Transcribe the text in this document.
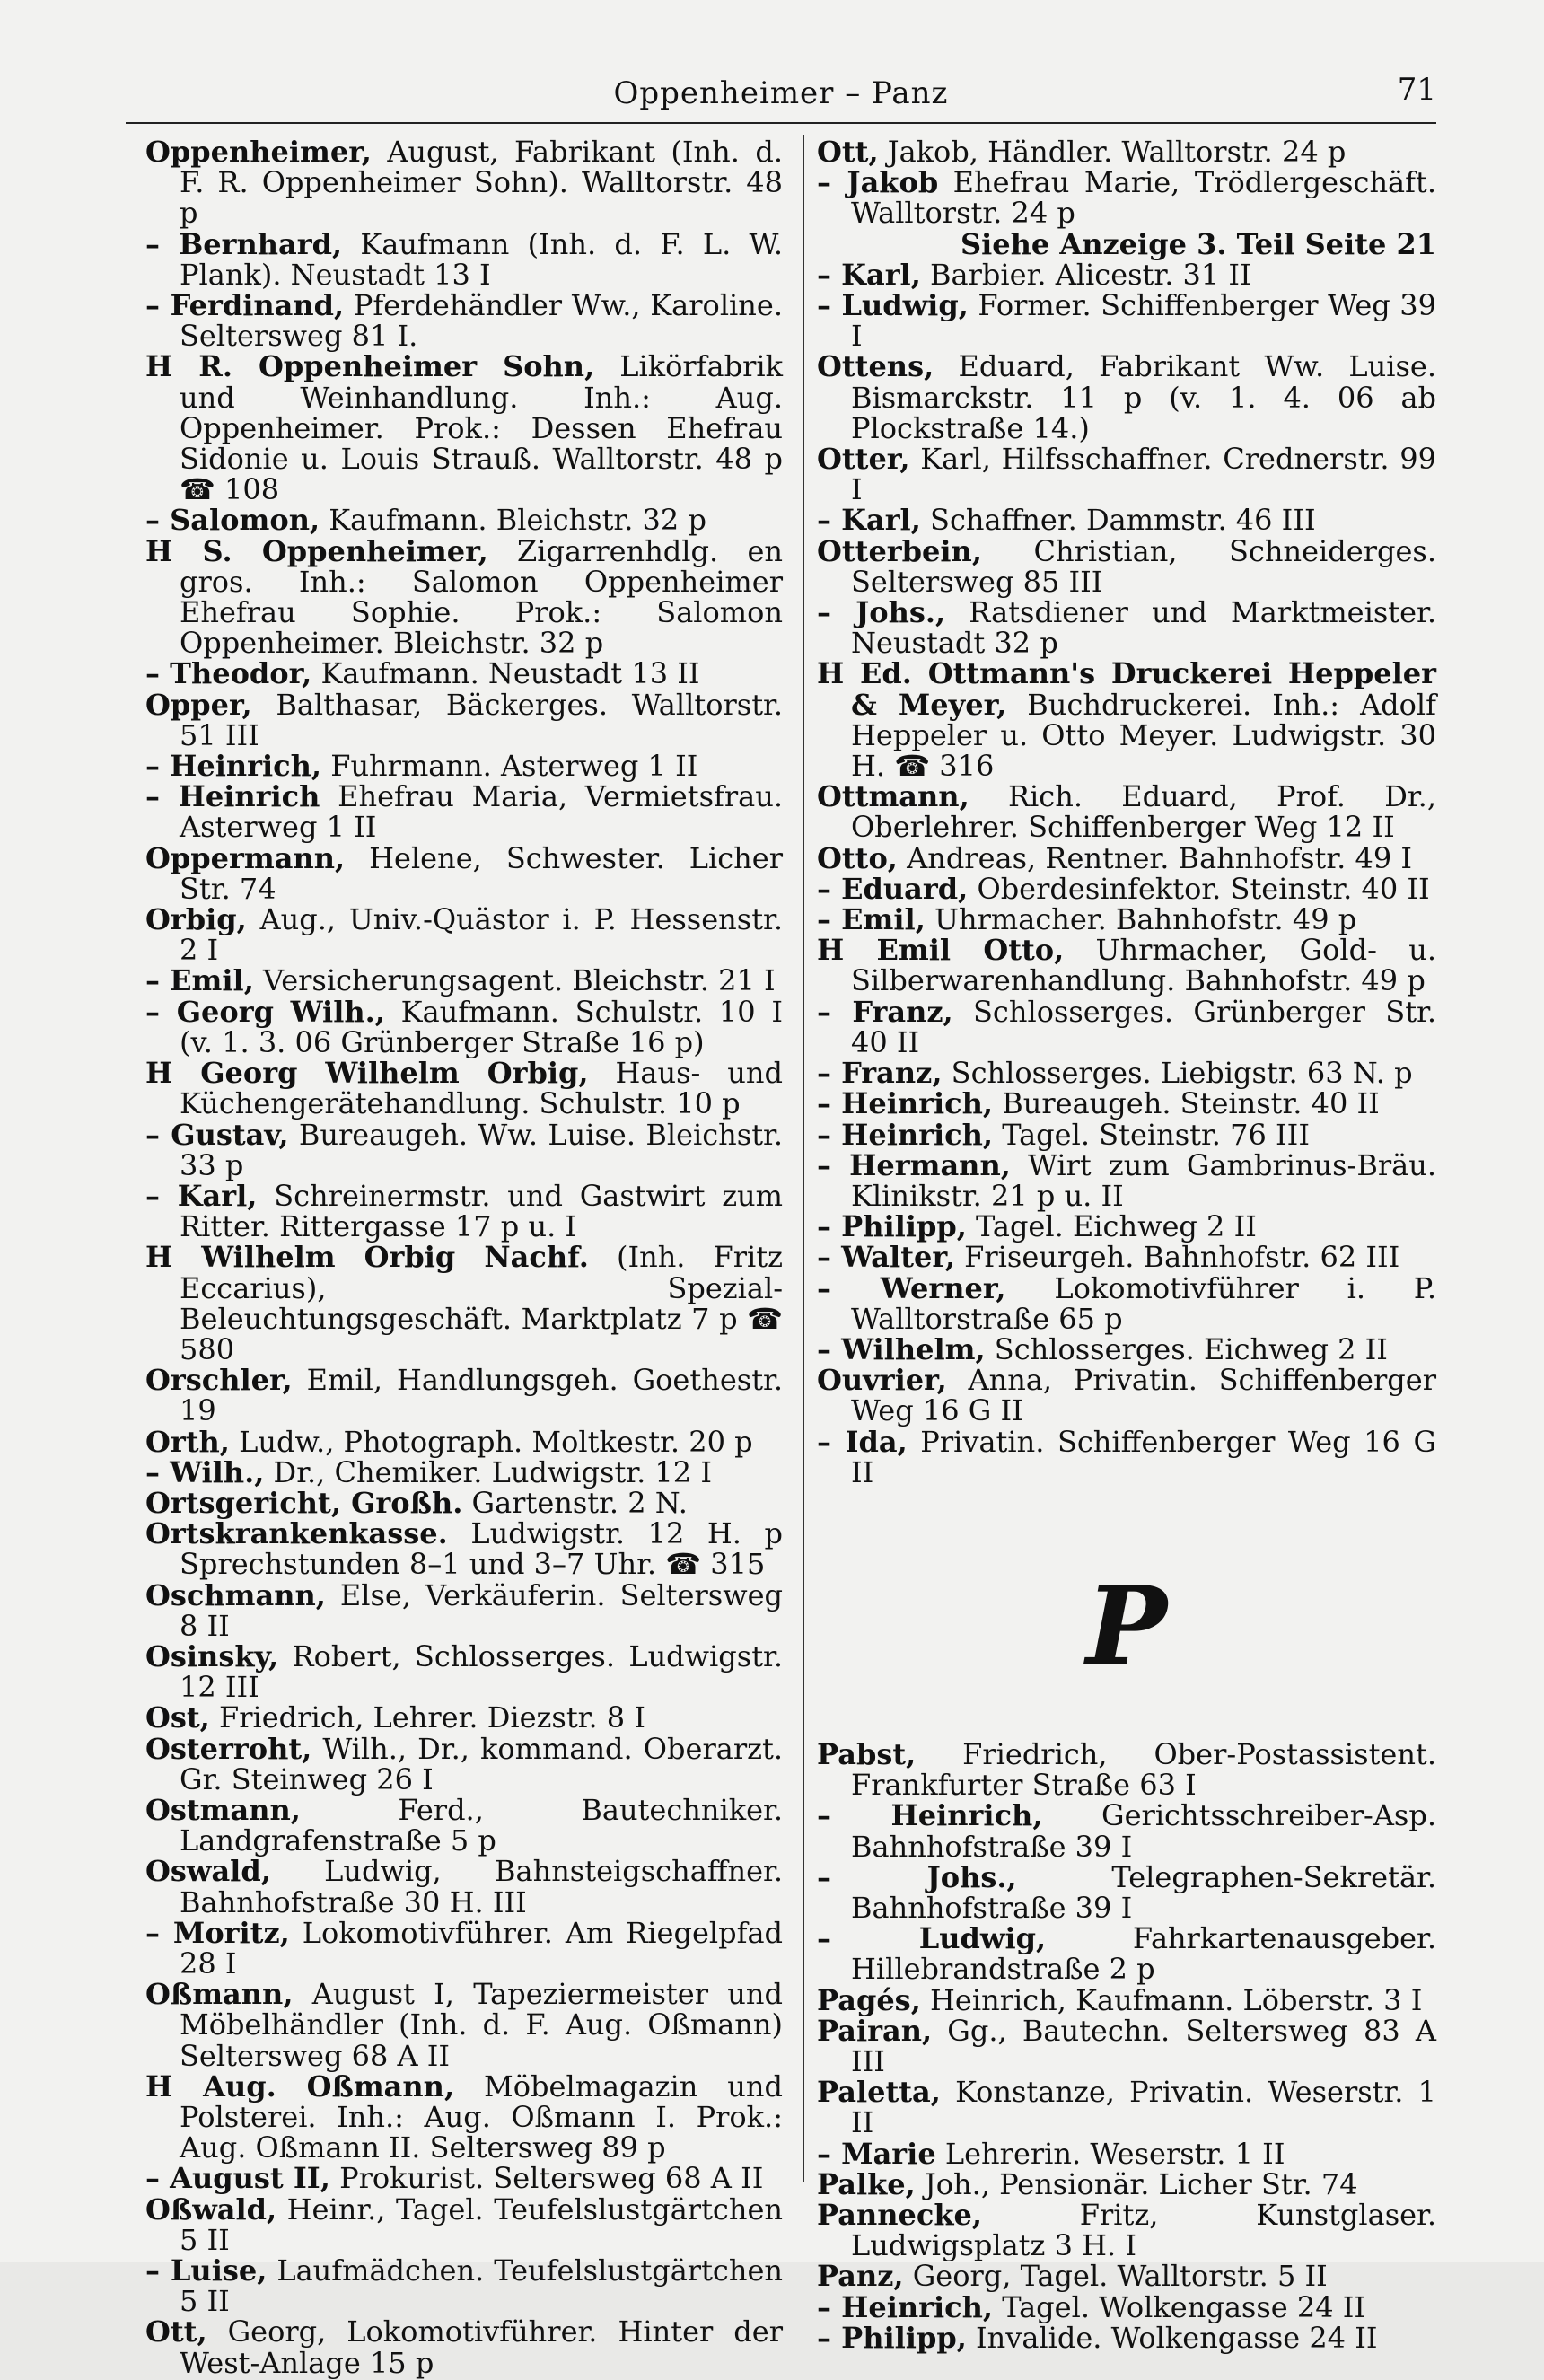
Oppenheimer – Panz	71

Oppenheimer, August, Fabrikant (Inh. d. F. R. Oppenheimer Sohn). Walltorstr. 48 p

– Bernhard, Kaufmann (Inh. d. F. L. W. Plank). Neustadt 13 I

– Ferdinand, Pferdehändler Ww., Karoline. Seltersweg 81 I.

H R. Oppenheimer Sohn, Likörfabrik und Weinhandlung. Inh.: Aug. Oppenheimer. Prok.: Dessen Ehefrau Sidonie u. Louis Strauß. Walltorstr. 48 p ☎ 108

– Salomon, Kaufmann. Bleichstr. 32 p

H S. Oppenheimer, Zigarrenhdlg. en gros. Inh.: Salomon Oppenheimer Ehefrau Sophie. Prok.: Salomon Oppenheimer. Bleichstr. 32 p

– Theodor, Kaufmann. Neustadt 13 II

Opper, Balthasar, Bäckerges. Walltorstr. 51 III

– Heinrich, Fuhrmann. Asterweg 1 II

– Heinrich Ehefrau Maria, Vermietsfrau. Asterweg 1 II

Oppermann, Helene, Schwester. Licher Str. 74

Orbig, Aug., Univ.-Quästor i. P. Hessenstr. 2 I

– Emil, Versicherungsagent. Bleichstr. 21 I

– Georg Wilh., Kaufmann. Schulstr. 10 I (v. 1. 3. 06 Grünberger Straße 16 p)

H Georg Wilhelm Orbig, Haus- und Küchengerätehandlung. Schulstr. 10 p

– Gustav, Bureaugeh. Ww. Luise. Bleichstr. 33 p

– Karl, Schreinermstr. und Gastwirt zum Ritter. Rittergasse 17 p u. I

H Wilhelm Orbig Nachf. (Inh. Fritz Eccarius), Spezial-Beleuchtungsgeschäft. Marktplatz 7 p ☎ 580

Orschler, Emil, Handlungsgeh. Goethestr. 19

Orth, Ludw., Photograph. Moltkestr. 20 p

– Wilh., Dr., Chemiker. Ludwigstr. 12 I

Ortsgericht, Großh. Gartenstr. 2 N.

Ortskrankenkasse. Ludwigstr. 12 H. p Sprechstunden 8–1 und 3–7 Uhr. ☎ 315

Oschmann, Else, Verkäuferin. Seltersweg 8 II

Osinsky, Robert, Schlosserges. Ludwigstr. 12 III

Ost, Friedrich, Lehrer. Diezstr. 8 I

Osterroht, Wilh., Dr., kommand. Oberarzt. Gr. Steinweg 26 I

Ostmann, Ferd., Bautechniker. Landgrafenstraße 5 p

Oswald, Ludwig, Bahnsteigschaffner. Bahnhofstraße 30 H. III

– Moritz, Lokomotivführer. Am Riegelpfad 28 I

Oßmann, August I, Tapeziermeister und Möbelhändler (Inh. d. F. Aug. Oßmann) Seltersweg 68 A II

H Aug. Oßmann, Möbelmagazin und Polsterei. Inh.: Aug. Oßmann I. Prok.: Aug. Oßmann II. Seltersweg 89 p

– August II, Prokurist. Seltersweg 68 A II

Oßwald, Heinr., Tagel. Teufelslustgärtchen 5 II

– Luise, Laufmädchen. Teufelslustgärtchen 5 II

Ott, Georg, Lokomotivführer. Hinter der West-Anlage 15 p

Ott, Jakob, Händler. Walltorstr. 24 p

– Jakob Ehefrau Marie, Trödlergeschäft. Walltorstr. 24 p

Siehe Anzeige 3. Teil Seite 21

– Karl, Barbier. Alicestr. 31 II

– Ludwig, Former. Schiffenberger Weg 39 I

Ottens, Eduard, Fabrikant Ww. Luise. Bismarckstr. 11 p (v. 1. 4. 06 ab Plockstraße 14.)

Otter, Karl, Hilfsschaffner. Crednerstr. 99 I

– Karl, Schaffner. Dammstr. 46 III

Otterbein, Christian, Schneiderges. Seltersweg 85 III

– Johs., Ratsdiener und Marktmeister. Neustadt 32 p

H Ed. Ottmann's Druckerei Heppeler & Meyer, Buchdruckerei. Inh.: Adolf Heppeler u. Otto Meyer. Ludwigstr. 30 H. ☎ 316

Ottmann, Rich. Eduard, Prof. Dr., Oberlehrer. Schiffenberger Weg 12 II

Otto, Andreas, Rentner. Bahnhofstr. 49 I

– Eduard, Oberdesinfektor. Steinstr. 40 II

– Emil, Uhrmacher. Bahnhofstr. 49 p

H Emil Otto, Uhrmacher, Gold- u. Silberwarenhandlung. Bahnhofstr. 49 p

– Franz, Schlosserges. Grünberger Str. 40 II

– Franz, Schlosserges. Liebigstr. 63 N. p

– Heinrich, Bureaugeh. Steinstr. 40 II

– Heinrich, Tagel. Steinstr. 76 III

– Hermann, Wirt zum Gambrinus-Bräu. Klinikstr. 21 p u. II

– Philipp, Tagel. Eichweg 2 II

– Walter, Friseurgeh. Bahnhofstr. 62 III

– Werner, Lokomotivführer i. P. Walltorstraße 65 p

– Wilhelm, Schlosserges. Eichweg 2 II

Ouvrier, Anna, Privatin. Schiffenberger Weg 16 G II

– Ida, Privatin. Schiffenberger Weg 16 G II

P

Pabst, Friedrich, Ober-Postassistent. Frankfurter Straße 63 I

– Heinrich, Gerichtsschreiber-Asp. Bahnhofstraße 39 I

– Johs., Telegraphen-Sekretär. Bahnhofstraße 39 I

– Ludwig, Fahrkartenausgeber. Hillebrandstraße 2 p

Pagés, Heinrich, Kaufmann. Löberstr. 3 I

Pairan, Gg., Bautechn. Seltersweg 83 A III

Paletta, Konstanze, Privatin. Weserstr. 1 II

– Marie Lehrerin. Weserstr. 1 II

Palke, Joh., Pensionär. Licher Str. 74

Pannecke, Fritz, Kunstglaser. Ludwigsplatz 3 H. I

Panz, Georg, Tagel. Walltorstr. 5 II

– Heinrich, Tagel. Wolkengasse 24 II

– Philipp, Invalide. Wolkengasse 24 II
